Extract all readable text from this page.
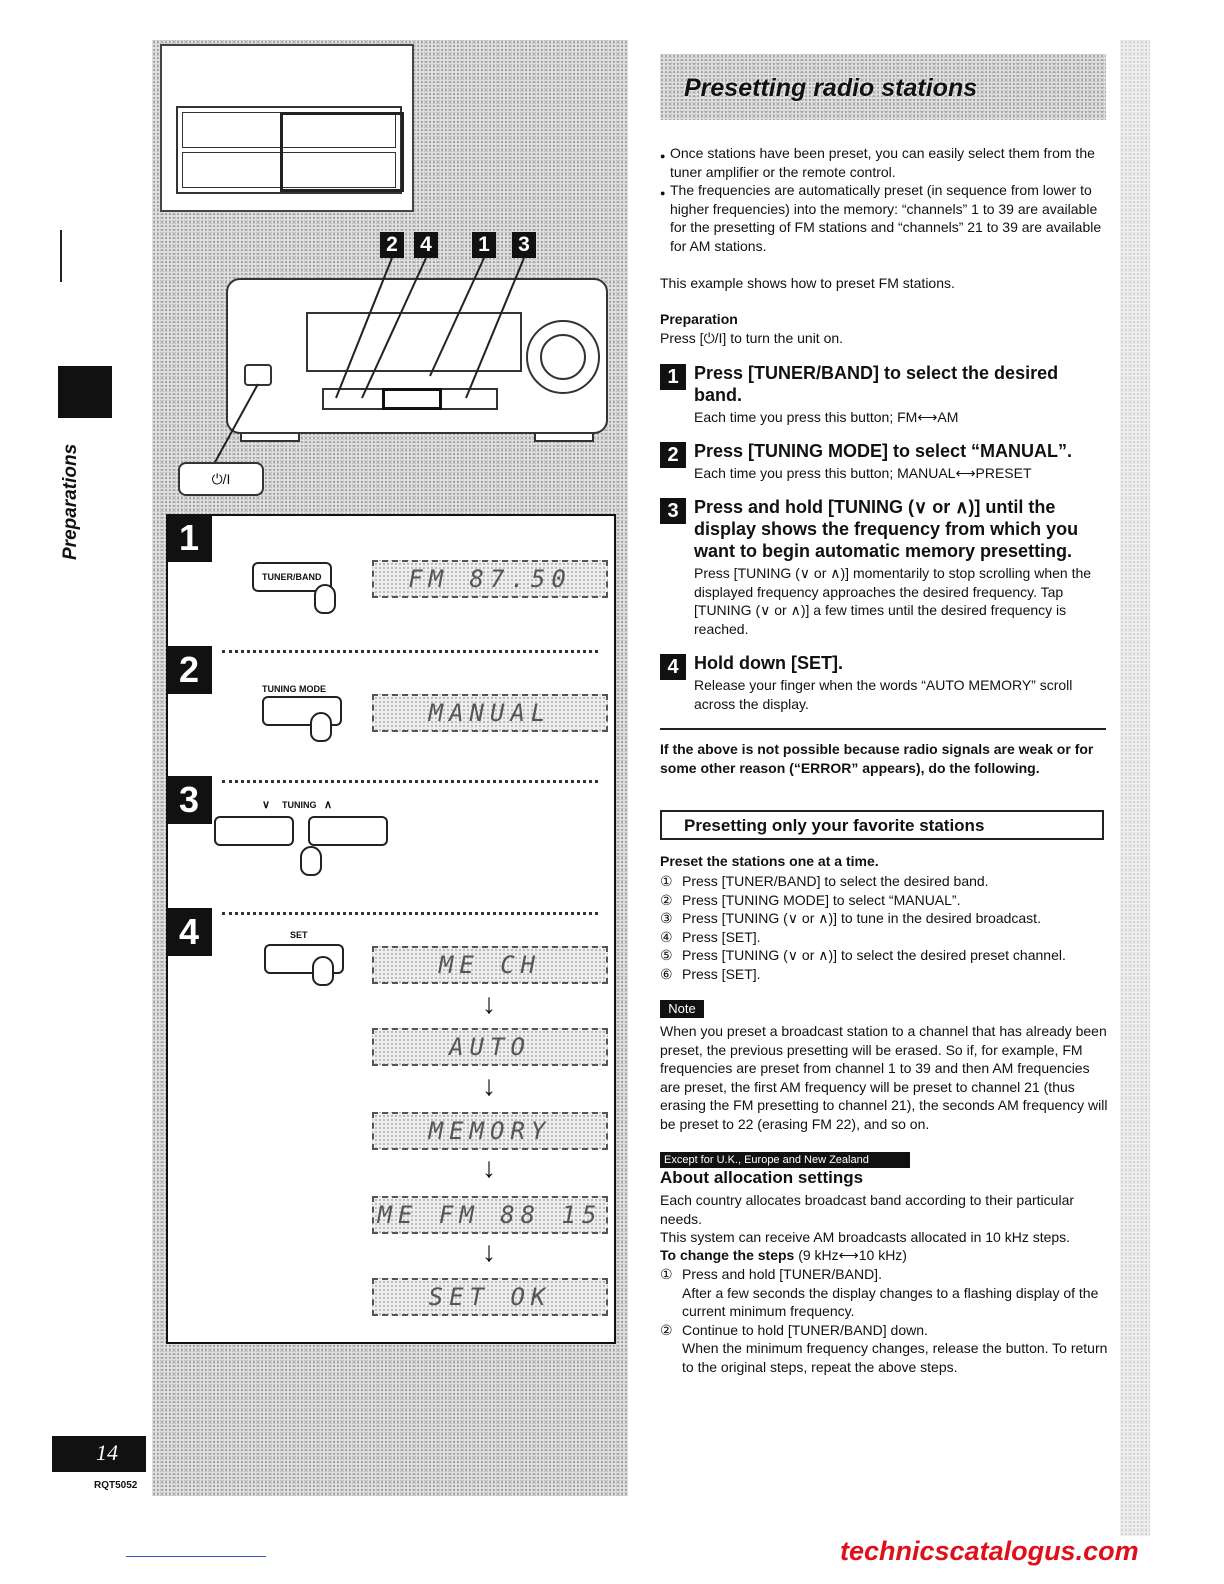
Preparations
14
RQT5052
2 4 1 3
⏻/I
1
TUNER/BAND	FM 87.50
2	TUNING MODE
MANUAL
3	∨ TUNING ∧
4	SET
ME CH
↓
AUTO
↓
MEMORY
↓
ME FM 88 15
↓
SET OK
Presetting radio stations
● Once stations have been preset, you can easily select them from the tuner amplifier or the remote control.
● The frequencies are automatically preset (in sequence from lower to higher frequencies) into the memory: “channels” 1 to 39 are available for the presetting of FM stations and “channels” 21 to 39 are available for AM stations.
This example shows how to preset FM stations.
Preparation
Press [⏻/I] to turn the unit on.
1 Press [TUNER/BAND] to select the desired band.
Each time you press this button; FM⟷AM
2 Press [TUNING MODE] to select “MANUAL”.
Each time you press this button; MANUAL⟷PRESET
3 Press and hold [TUNING (∨ or ∧)] until the display shows the frequency from which you want to begin automatic memory presetting.
Press [TUNING (∨ or ∧)] momentarily to stop scrolling when the displayed frequency approaches the desired frequency. Tap [TUNING (∨ or ∧)] a few times until the desired frequency is reached.
4 Hold down [SET].
Release your finger when the words “AUTO MEMORY” scroll across the display.
If the above is not possible because radio signals are weak or for some other reason (“ERROR” appears), do the following.
Presetting only your favorite stations
Preset the stations one at a time.
① Press [TUNER/BAND] to select the desired band.
② Press [TUNING MODE] to select “MANUAL”.
③ Press [TUNING (∨ or ∧)] to tune in the desired broadcast.
④ Press [SET].
⑤ Press [TUNING (∨ or ∧)] to select the desired preset channel.
⑥ Press [SET].
Note
When you preset a broadcast station to a channel that has already been preset, the previous presetting will be erased. So if, for example, FM frequencies are preset from channel 1 to 39 and then AM frequencies are preset, the first AM frequency will be preset to channel 21 (thus erasing the FM presetting to channel 21), the seconds AM frequency will be preset to 22 (erasing FM 22), and so on.
Except for U.K., Europe and New Zealand
About allocation settings
Each country allocates broadcast band according to their particular needs.
This system can receive AM broadcasts allocated in 10 kHz steps.
To change the steps (9 kHz⟷10 kHz)
① Press and hold [TUNER/BAND].
After a few seconds the display changes to a flashing display of the current minimum frequency.
② Continue to hold [TUNER/BAND] down.
When the minimum frequency changes, release the button. To return to the original steps, repeat the above steps.
technicscatalogus.com
